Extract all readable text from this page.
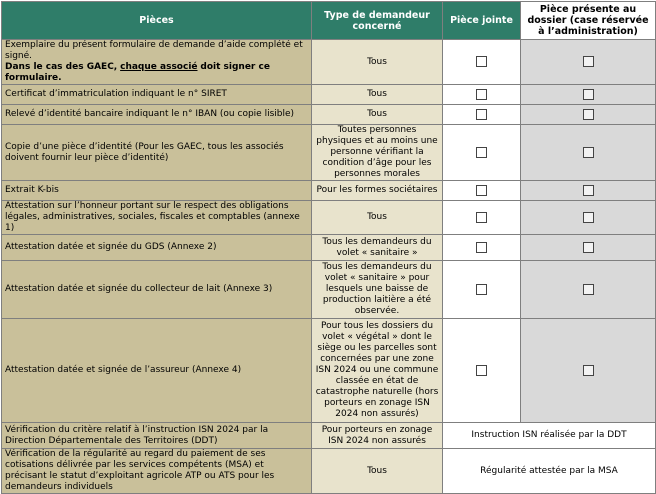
Pièces	Type de demandeur concerné	Pièce jointe	Pièce présente au dossier (case réservée à l’administration)
Exemplaire du présent formulaire de demande d’aide complété et signé.
Dans le cas des GAEC, chaque associé doit signer ce formulaire.	Tous		
Certificat d’immatriculation indiquant le n° SIRET	Tous		
Relevé d’identité bancaire indiquant le n° IBAN (ou copie lisible)	Tous		
Copie d’une pièce d’identité (Pour les GAEC, tous les associés doivent fournir leur pièce d’identité)	Toutes personnes physiques et au moins une personne vérifiant la condition d’âge pour les personnes morales		
Extrait K-bis	Pour les formes sociétaires		
Attestation sur l’honneur portant sur le respect des obligations légales, administratives, sociales, fiscales et comptables (annexe 1)	Tous		
Attestation datée et signée du GDS (Annexe 2)	Tous les demandeurs du volet « sanitaire »		
Attestation datée et signée du collecteur de lait (Annexe 3)	Tous les demandeurs du volet « sanitaire » pour lesquels une baisse de production laitière a été observée.		
Attestation datée et signée de l’assureur (Annexe 4)	Pour tous les dossiers du volet « végétal » dont le siège ou les parcelles sont concernées par une zone ISN 2024 ou une commune classée en état de catastrophe naturelle (hors porteurs en zonage ISN 2024 non assurés)		
Vérification du critère relatif à l’instruction ISN 2024 par la Direction Départementale des Territoires (DDT)	Pour porteurs en zonage ISN 2024 non assurés	Instruction ISN réalisée par la DDT	
Vérification de la régularité au regard du paiement de ses cotisations délivrée par les services compétents (MSA) et précisant le statut d’exploitant agricole ATP ou ATS pour les demandeurs individuels	Tous	Régularité attestée par la MSA	
